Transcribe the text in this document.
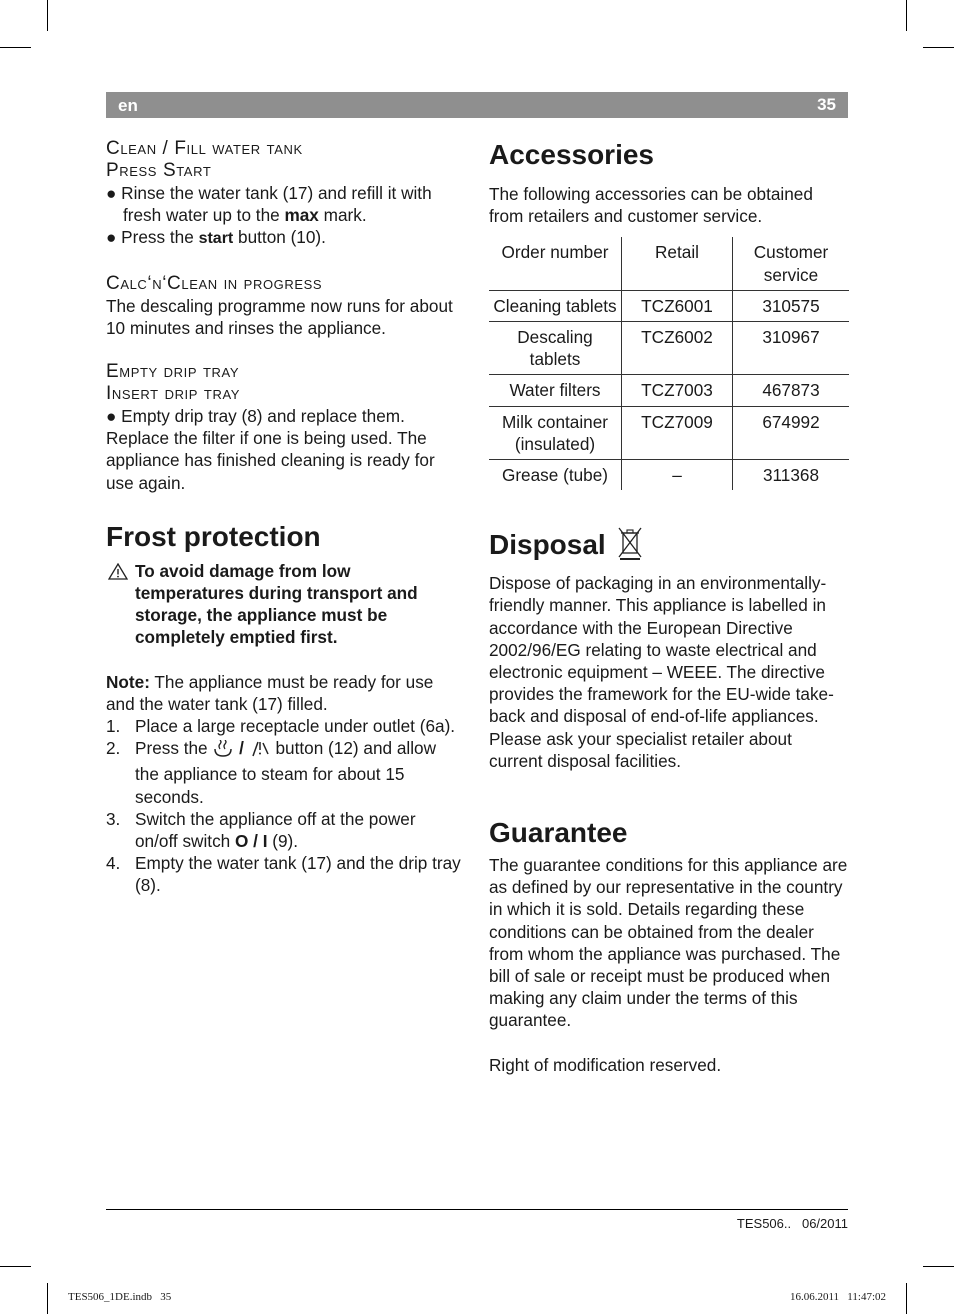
en	35

Clean / Fill water tank

Press Start

● Rinse the water tank (17) and refill it with fresh water up to the max mark.

● Press the start button (10).

Calc‘n‘Clean in progress

The descaling programme now runs for about 10 minutes and rinses the appliance.

Empty drip tray

Insert drip tray

● Empty drip tray (8) and replace them.

Replace the filter if one is being used. The appliance has finished cleaning is ready for use again.

Frost protection

To avoid damage from low temperatures during transport and storage, the appliance must be completely emptied first.

Note: The appliance must be ready for use and the water tank (17) filled.

1. Place a large receptacle under outlet (6a).
2. Press the  /  button (12) and allow the appliance to steam for about 15 seconds.
3. Switch the appliance off at the power on/off switch O / I (9).
4. Empty the water tank (17) and the drip tray (8).
Accessories

The following accessories can be obtained from retailers and customer service.

Order number	Retail	Customer service
Cleaning tablets	TCZ6001	310575
Descaling tablets	TCZ6002	310967
Water filters	TCZ7003	467873
Milk container (insulated)	TCZ7009	674992
Grease (tube)	–	311368
Disposal

Dispose of packaging in an environmentally-friendly manner. This appliance is labelled in accordance with the European Directive 2002/96/EG relating to waste electrical and electronic equipment – WEEE. The directive provides the framework for the EU-wide take-back and disposal of end-of-life appliances. Please ask your specialist retailer about current disposal facilities.

Guarantee

The guarantee conditions for this appliance are as defined by our representative in the country in which it is sold. Details regarding these conditions can be obtained from the dealer from whom the appliance was purchased. The bill of sale or receipt must be produced when making any claim under the terms of this guarantee.

Right of modification reserved.

TES506.. 06/2011
TES506_1DE.indb   35	16.06.2011   11:47:02
